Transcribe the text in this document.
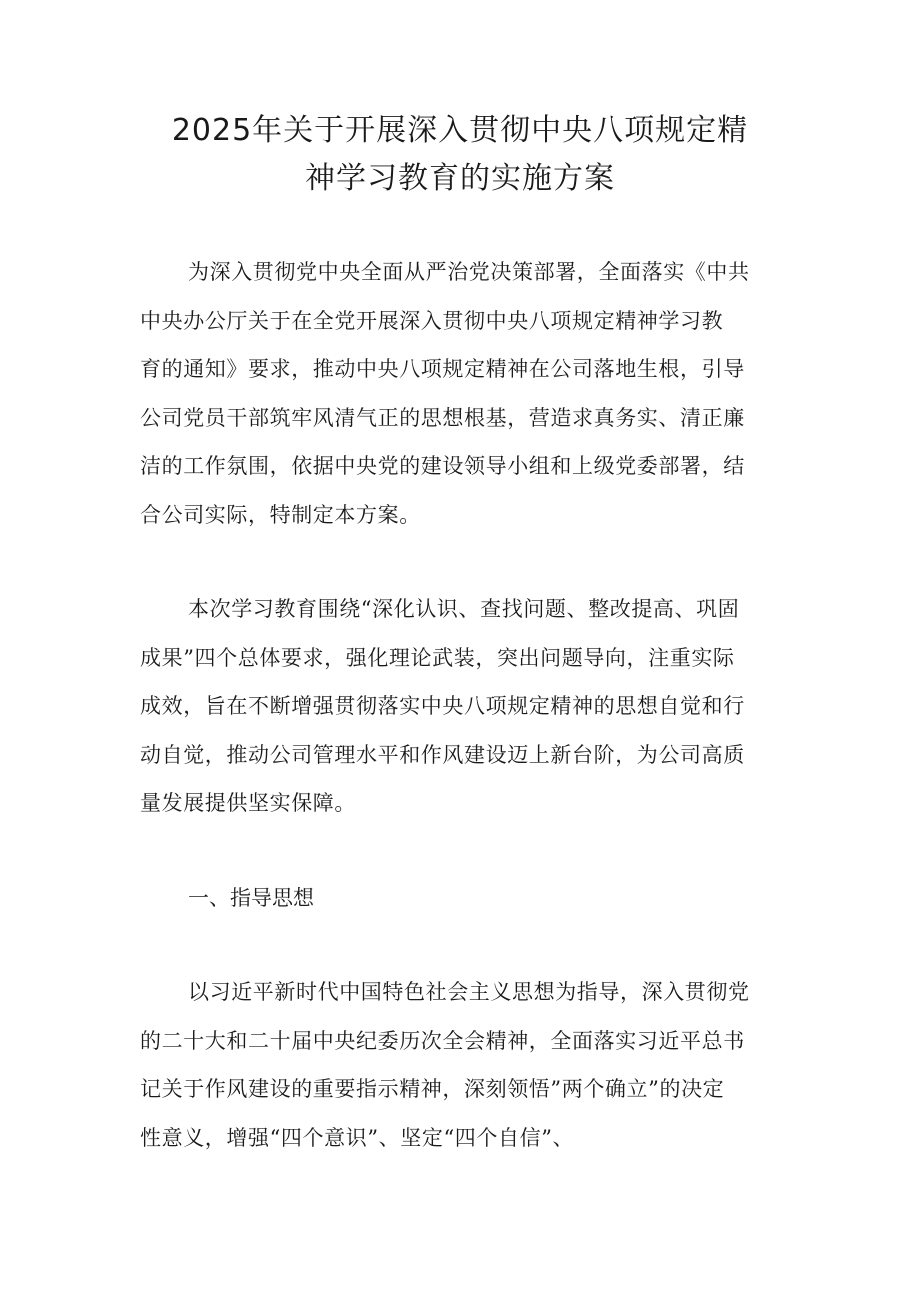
2025年关于开展深入贯彻中央八项规定精
神学习教育的实施方案
为深入贯彻党中央全面从严治党决策部署，全面落实《中共
中央办公厅关于在全党开展深入贯彻中央八项规定精神学习教
育的通知》要求，推动中央八项规定精神在公司落地生根，引导
公司党员干部筑牢风清气正的思想根基，营造求真务实、清正廉
洁的工作氛围，依据中央党的建设领导小组和上级党委部署，结
合公司实际，特制定本方案。
本次学习教育围绕“深化认识、查找问题、整改提高、巩固
成果”四个总体要求，强化理论武装，突出问题导向，注重实际
成效，旨在不断增强贯彻落实中央八项规定精神的思想自觉和行
动自觉，推动公司管理水平和作风建设迈上新台阶，为公司高质
量发展提供坚实保障。
一、指导思想
以习近平新时代中国特色社会主义思想为指导，深入贯彻党
的二十大和二十届中央纪委历次全会精神，全面落实习近平总书
记关于作风建设的重要指示精神，深刻领悟”两个确立”的决定
性意义，增强“四个意识”、坚定“四个自信”、
